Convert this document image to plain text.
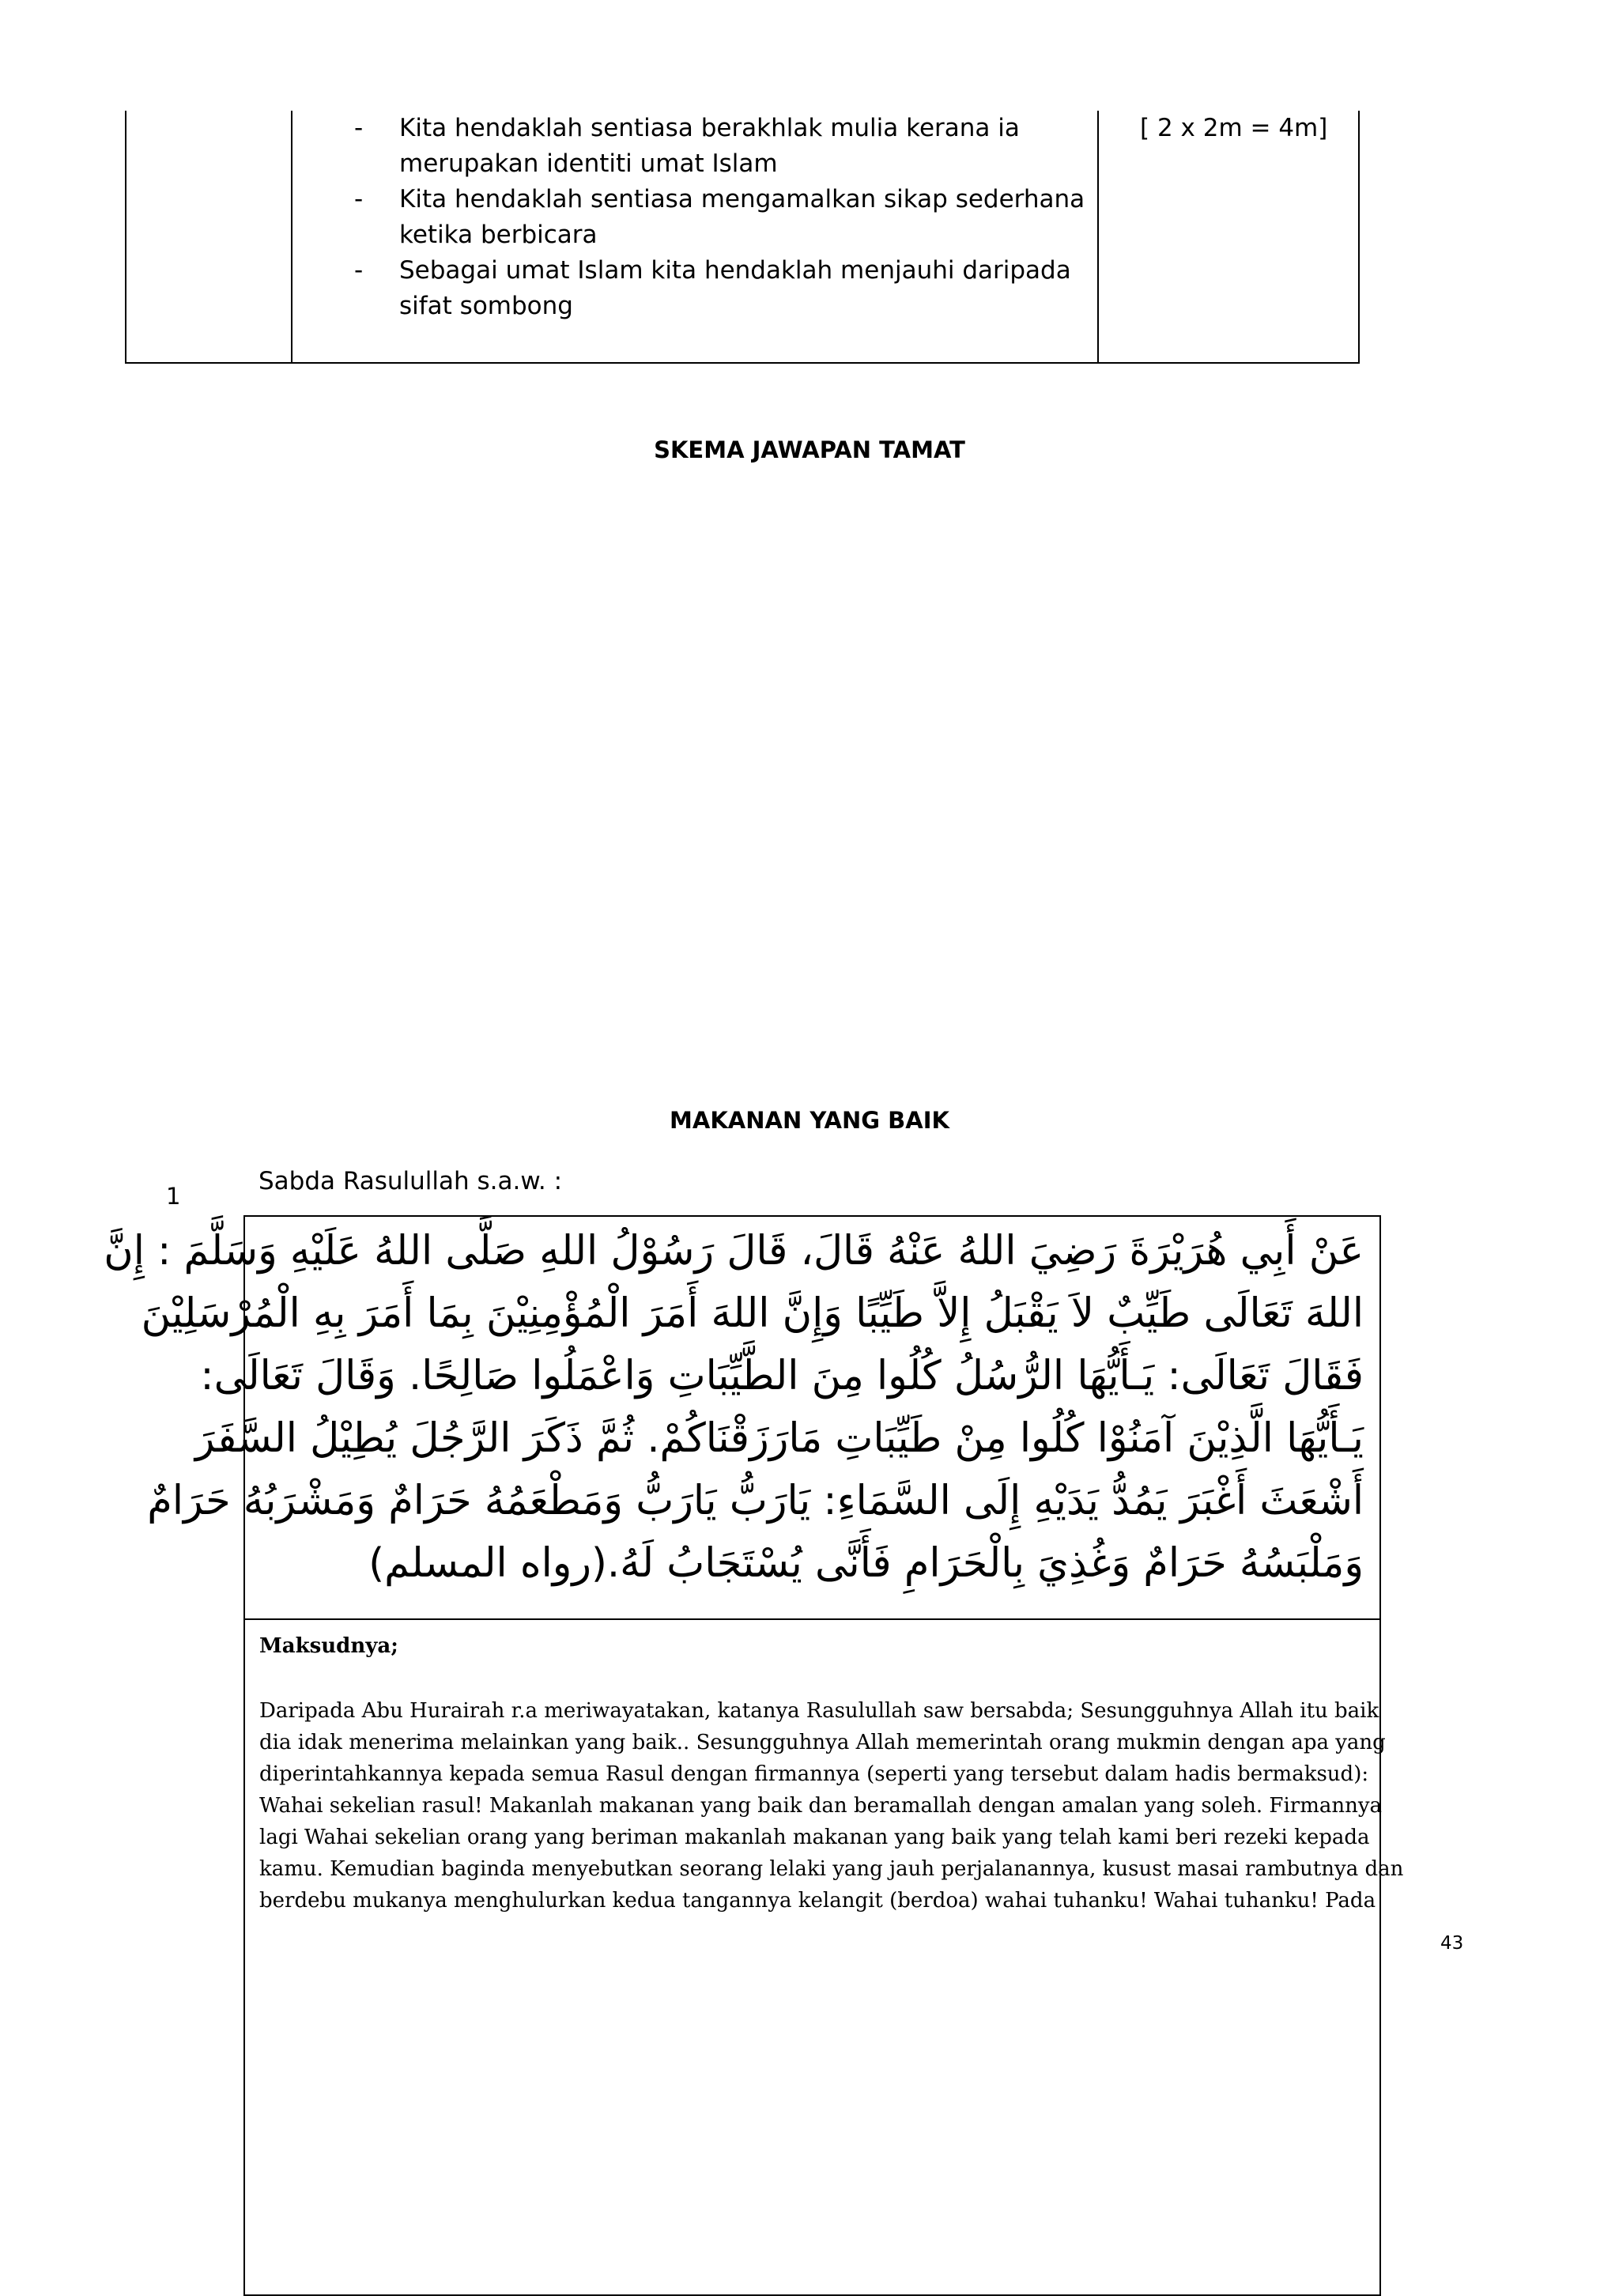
- Kita hendaklah sentiasa berakhlak mulia kerana ia
merupakan identiti umat Islam
- Kita hendaklah sentiasa mengamalkan sikap sederhana
ketika berbicara
- Sebagai umat Islam kita hendaklah menjauhi daripada
sifat sombong
[ 2 x 2m = 4m]
SKEMA JAWAPAN TAMAT
MAKANAN YANG BAIK
1
Sabda Rasulullah s.a.w. :
عَنْ أَبِي هُرَيْرَةَ رَضِيَ اللهُ عَنْهُ قَالَ، قَالَ رَسُوْلُ اللهِ صَلَّى اللهُ عَلَيْهِ وَسَلَّمَ : إِنَّ
اللهَ تَعَالَى طَيِّبٌ لاَ يَقْبَلُ إِلاَّ طَيِّبًا وَإِنَّ اللهَ أَمَرَ الْمُؤْمِنِيْنَ بِمَا أَمَرَ بِهِ الْمُرْسَلِيْنَ
فَقَالَ تَعَالَى: يَـأَيُّهَا الرُّسُلُ كُلُوا مِنَ الطَّيِّبَاتِ وَاعْمَلُوا صَالِحًا. وَقَالَ تَعَالَى:
يَـأَيُّهَا الَّذِيْنَ آمَنُوْا كُلُوا مِنْ طَيِّبَاتِ مَارَزَقْنَاكُمْ. ثُمَّ ذَكَرَ الرَّجُلَ يُطِيْلُ السَّفَرَ
أَشْعَثَ أَغْبَرَ يَمُدُّ يَدَيْهِ إِلَى السَّمَاءِ: يَارَبُّ يَارَبُّ وَمَطْعَمُهُ حَرَامٌ وَمَشْرَبُهُ حَرَامٌ
وَمَلْبَسُهُ حَرَامٌ وَغُذِيَ بِالْحَرَامِ فَأَنَّى يُسْتَجَابُ لَهُ.(رواه المسلم)
Maksudnya;
Daripada Abu Hurairah r.a meriwayatakan, katanya Rasulullah saw bersabda; Sesungguhnya Allah itu baik
dia idak menerima melainkan yang baik.. Sesungguhnya Allah memerintah orang mukmin dengan apa yang
diperintahkannya kepada semua Rasul dengan firmannya (seperti yang tersebut dalam hadis bermaksud):
Wahai sekelian rasul! Makanlah makanan yang baik dan beramallah dengan amalan yang soleh. Firmannya
lagi Wahai sekelian orang yang beriman makanlah makanan yang baik yang telah kami beri rezeki kepada
kamu. Kemudian baginda menyebutkan seorang lelaki yang jauh perjalanannya, kusust masai rambutnya dan
berdebu mukanya menghulurkan kedua tangannya kelangit (berdoa) wahai tuhanku! Wahai tuhanku! Pada
43
